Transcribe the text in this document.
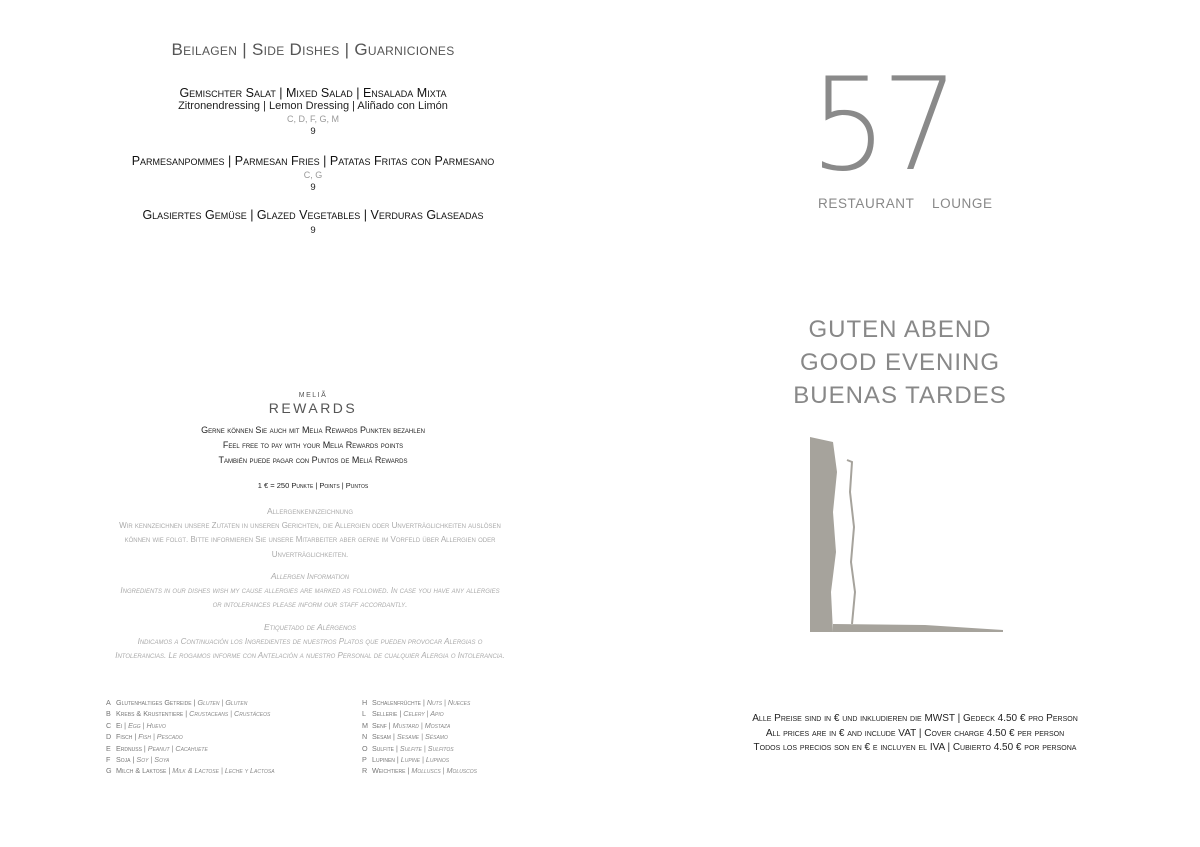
Beilagen | Side Dishes | Guarniciones
Gemischter Salat | Mixed Salad | Ensalada Mixta
Zitronendressing | Lemon Dressing | Aliñado con Limón
C, D, F, G, M
9
Parmesanpommes | Parmesan Fries | Patatas Fritas con Parmesano
C, G
9
Glasiertes Gemüse | Glazed Vegetables | Verduras Glaseadas
9
MELIÃ
REWARDS
Gerne können Sie auch mit Melia Rewards Punkten bezahlen
Feel free to pay with your Melia Rewards points
También puede pagar con Puntos de Meliá Rewards
1 € = 250 Punkte | Points | Puntos
Allergenkennzeichnung
Wir kennzeichnen unsere Zutaten in unseren Gerichten, die Allergien oder Unverträglichkeiten auslösen können wie folgt. Bitte informieren Sie unsere Mitarbeiter aber gerne im Vorfeld über Allergien oder Unverträglichkeiten.
Allergen Information
Ingredients in our dishes wish my cause allergies are marked as followed. In case you have any allergies or intolerances please inform our staff accordantly.
Etiquetado de Alérgenos
Indicamos a Continuación los Ingredientes de nuestros Platos que pueden provocar Alergias o Intolerancias. Le rogamos informe con Antelación a nuestro Personal de cualquier Alergia o Intolerancia.
A Glutenhaltiges Getreide | Gluten | Gluten
B Krebs & Krustentiere | Crustaceans | Crustáceos
C Ei | Egg | Huevo
D Fisch | Fish | Pescado
E Erdnuss | Peanut | Cacahuete
F Soja | Soy | Soya
G Milch & Laktose | Milk & Lactose | Leche y Lactosa
H Schalenfrüchte | Nuts | Nueces
L Sellerie | Celery | Apio
M Senf | Mustard | Mostaza
N Sesam | Sesame | Sésamo
O Sulfite | Sulfite | Sulfitos
P Lupinen | Lupine | Lupinos
R Weichtiere | Molluscs | Moluscos
57
RESTAURANT LOUNGE
GUTEN ABEND
GOOD EVENING
BUENAS TARDES
Alle Preise sind in € und inkludieren die MWST | Gedeck 4.50 € pro Person
All prices are in € and include VAT | Cover charge 4.50 € per person
Todos los precios son en € e incluyen el IVA | Cubierto 4.50 € por persona
